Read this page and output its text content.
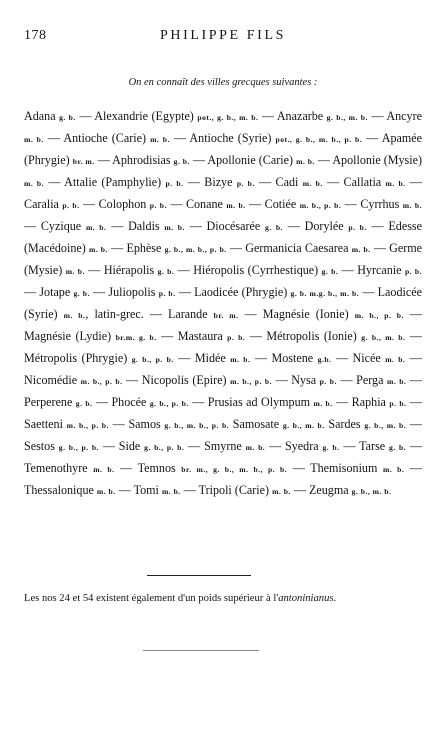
178	PHILIPPE FILS
On en connaît des villes grecques suivantes :

Adana g. b. — Alexandrie (Egypte) pot., g. b., m. b. — Anazarbe g. b., m. b. — Ancyre m. b. — Antioche (Carie) m. b. — Antioche (Syrie) pot., g. b., m. b., p. b. — Apamée (Phrygie) br. m. — Aphrodisias g. b. — Apollonie (Carie) m. b. — Apollonie (Mysie) m. b. — Attalie (Pamphylie) p. b. — Bizye p. b. — Cadi m. b. — Callatia m. b. — Caralia p. b. — Colophon p. b. — Conane m. b. — Cotiée m. b., p. b. — Cyrrhus m. b. — Cyzique m. b. — Daldis m. b. — Diocésarée g. b. — Dorylée p. b. — Edesse (Macédoine) m. b. — Ephèse g. b., m. b., p. b. — Germanicia Caesarea m. b. — Germe (Mysie) m. b. — Hiérapolis g. b. — Hiéropolis (Cyrrhestique) g. b. — Hyrcanie p. b. — Jotape g. b. — Juliopolis p. b. — Laodicée (Phrygie) g. b. m.g. b., m. b. — Laodicée (Syrie) m. b., latin-grec. — Larande br. m. — Magnésie (Ionie) m. b., p. b. — Magnésie (Lydie) br.m. g. b. — Mastaura p. b. — Métropolis (Ionie) g. b., m. b. — Métropolis (Phrygie) g. b., p. b. — Midée m. b. — Mostene g.b. — Nicée m. b. — Nicomédie m. b., p. b. — Nicopolis (Epire) m. b., p. b. — Nysa p. b. — Perga m. b. — Perperene g. b. — Phocée g. b., p. b. — Prusias ad Olympum m. b. — Raphia p. b. — Saetteni m. b., p. b. — Samos g. b., m. b., p. b. Samosate g. b., m. b. Sardes g. b., m. b. — Sestos g. b., p. b. — Side g. b., p. b. — Smyrne m. b. — Syedra g. b. — Tarse g. b. — Temenothyre m. b. — Temnos br. m., g. b., m. b., p. b. — Themisonium m. b. — Thessalonique m. b. — Tomi m. b. — Tripoli (Carie) m. b. — Zeugma g. b., m. b.

Les nos 24 et 54 existent également d'un poids supérieur à l'antoninianus.
